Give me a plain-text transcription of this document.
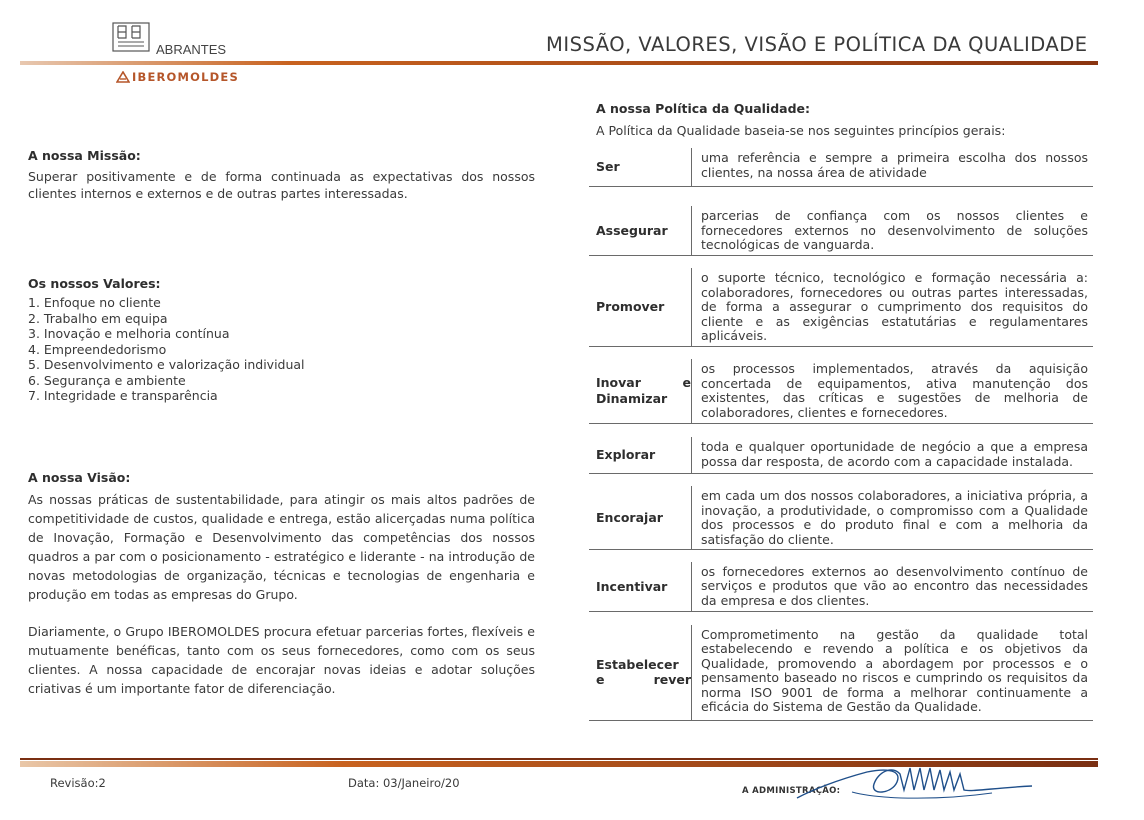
ABRANTES	MISSÃO, VALORES, VISÃO E POLÍTICA DA QUALIDADE
IBEROMOLDES
A nossa Missão:
Superar positivamente e de forma continuada as expectativas dos nossos clientes internos e externos e de outras partes interessadas.
Os nossos Valores:
1. Enfoque no cliente
2. Trabalho em equipa
3. Inovação e melhoria contínua
4. Empreendedorismo
5. Desenvolvimento e valorização individual
6. Segurança e ambiente
7. Integridade e transparência
A nossa Visão:
As nossas práticas de sustentabilidade, para atingir os mais altos padrões de competitividade de custos, qualidade e entrega, estão alicerçadas numa política de Inovação, Formação e Desenvolvimento das competências dos nossos quadros a par com o posicionamento - estratégico e liderante - na introdução de novas metodologias de organização, técnicas e tecnologias de engenharia e produção em todas as empresas do Grupo.
Diariamente, o Grupo IBEROMOLDES procura efetuar parcerias fortes, flexíveis e mutuamente benéficas, tanto com os seus fornecedores, como com os seus clientes. A nossa capacidade de encorajar novas ideias e adotar soluções criativas é um importante fator de diferenciação.
A nossa Política da Qualidade:
A Política da Qualidade baseia-se nos seguintes princípios gerais:
Ser	uma referência e sempre a primeira escolha dos nossos clientes, na nossa área de atividade

Assegurar	parcerias de confiança com os nossos clientes e fornecedores externos no desenvolvimento de soluções tecnológicas de vanguarda.

Promover	o suporte técnico, tecnológico e formação necessária a: colaboradores, fornecedores ou outras partes interessadas, de forma a assegurar o cumprimento dos requisitos do cliente e as exigências estatutárias e regulamentares aplicáveis.

Inovar e Dinamizar	os processos implementados, através da aquisição concertada de equipamentos, ativa manutenção dos existentes, das críticas e sugestões de melhoria de colaboradores, clientes e fornecedores.

Explorar	toda e qualquer oportunidade de negócio a que a empresa possa dar resposta, de acordo com a capacidade instalada.

Encorajar	em cada um dos nossos colaboradores, a iniciativa própria, a inovação, a produtividade, o compromisso com a Qualidade dos processos e do produto final e com a melhoria da satisfação do cliente.

Incentivar	os fornecedores externos ao desenvolvimento contínuo de serviços e produtos que vão ao encontro das necessidades da empresa e dos clientes.

Estabelecer e rever	Comprometimento na gestão da qualidade total estabelecendo e revendo a política e os objetivos da Qualidade, promovendo a abordagem por processos e o pensamento baseado no riscos e cumprindo os requisitos da norma ISO 9001 de forma a melhorar continuamente a eficácia do Sistema de Gestão da Qualidade.
Revisão:2	Data: 03/Janeiro/20
A ADMINISTRAÇÃO:
